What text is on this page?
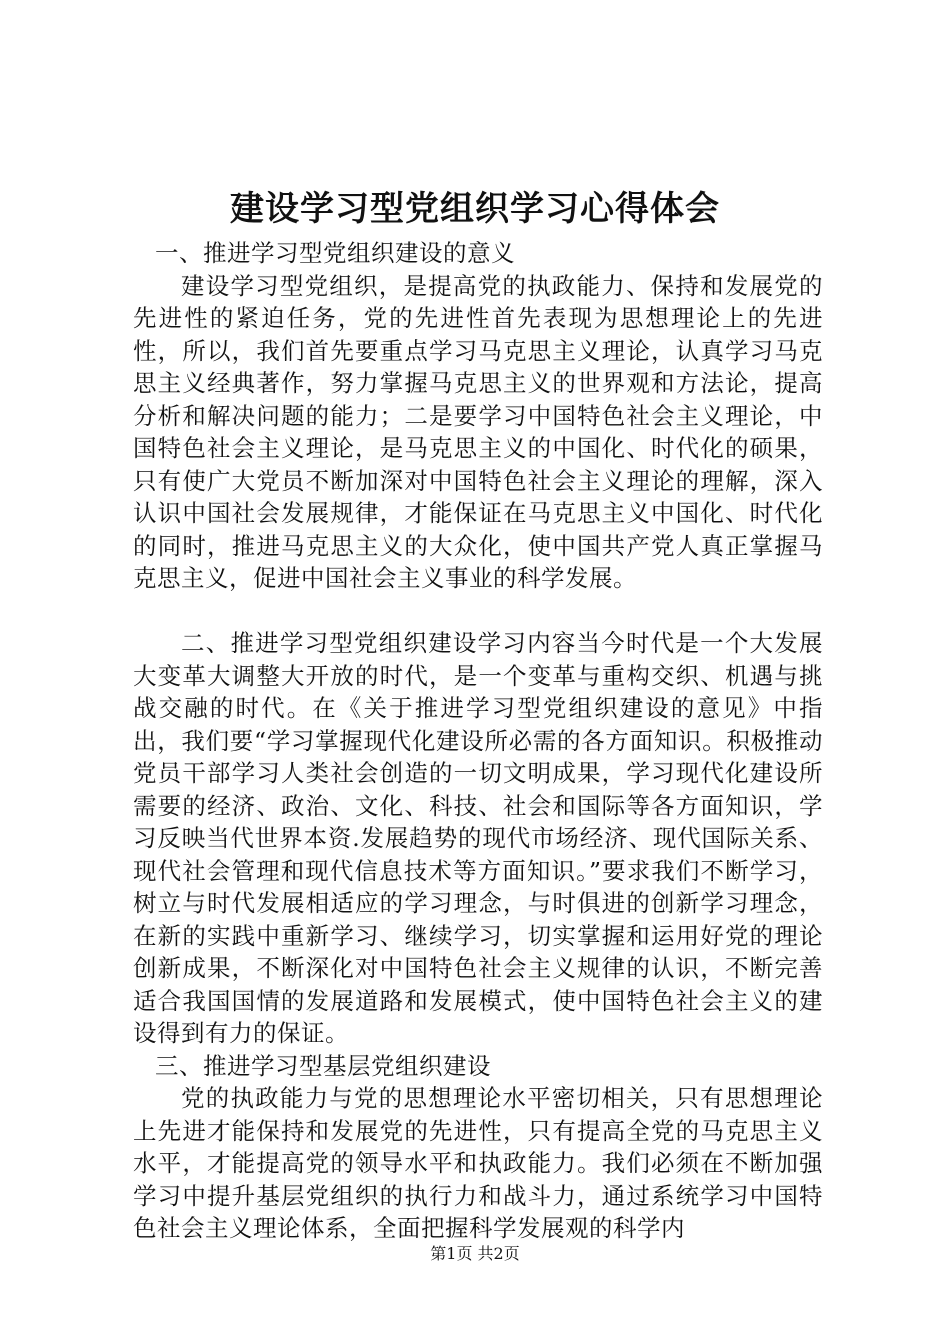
建设学习型党组织学习心得体会

一、推进学习型党组织建设的意义

建设学习型党组织，是提高党的执政能力、保持和发展党的先进性的紧迫任务，党的先进性首先表现为思想理论上的先进性，所以，我们首先要重点学习马克思主义理论，认真学习马克思主义经典著作，努力掌握马克思主义的世界观和方法论，提高分析和解决问题的能力；二是要学习中国特色社会主义理论，中国特色社会主义理论，是马克思主义的中国化、时代化的硕果，只有使广大党员不断加深对中国特色社会主义理论的理解，深入认识中国社会发展规律，才能保证在马克思主义中国化、时代化的同时，推进马克思主义的大众化，使中国共产党人真正掌握马克思主义，促进中国社会主义事业的科学发展。

二、推进学习型党组织建设学习内容当今时代是一个大发展大变革大调整大开放的时代，是一个变革与重构交织、机遇与挑战交融的时代。在《关于推进学习型党组织建设的意见》中指出，我们要“学习掌握现代化建设所必需的各方面知识。积极推动党员干部学习人类社会创造的一切文明成果，学习现代化建设所需要的经济、政治、文化、科技、社会和国际等各方面知识，学习反映当代世界本资.发展趋势的现代市场经济、现代国际关系、现代社会管理和现代信息技术等方面知识。”要求我们不断学习，树立与时代发展相适应的学习理念，与时俱进的创新学习理念，在新的实践中重新学习、继续学习，切实掌握和运用好党的理论创新成果，不断深化对中国特色社会主义规律的认识，不断完善适合我国国情的发展道路和发展模式，使中国特色社会主义的建设得到有力的保证。

三、推进学习型基层党组织建设

党的执政能力与党的思想理论水平密切相关，只有思想理论上先进才能保持和发展党的先进性，只有提高全党的马克思主义水平，才能提高党的领导水平和执政能力。我们必须在不断加强学习中提升基层党组织的执行力和战斗力，通过系统学习中国特色社会主义理论体系，全面把握科学发展观的科学内

第1页 共2页
